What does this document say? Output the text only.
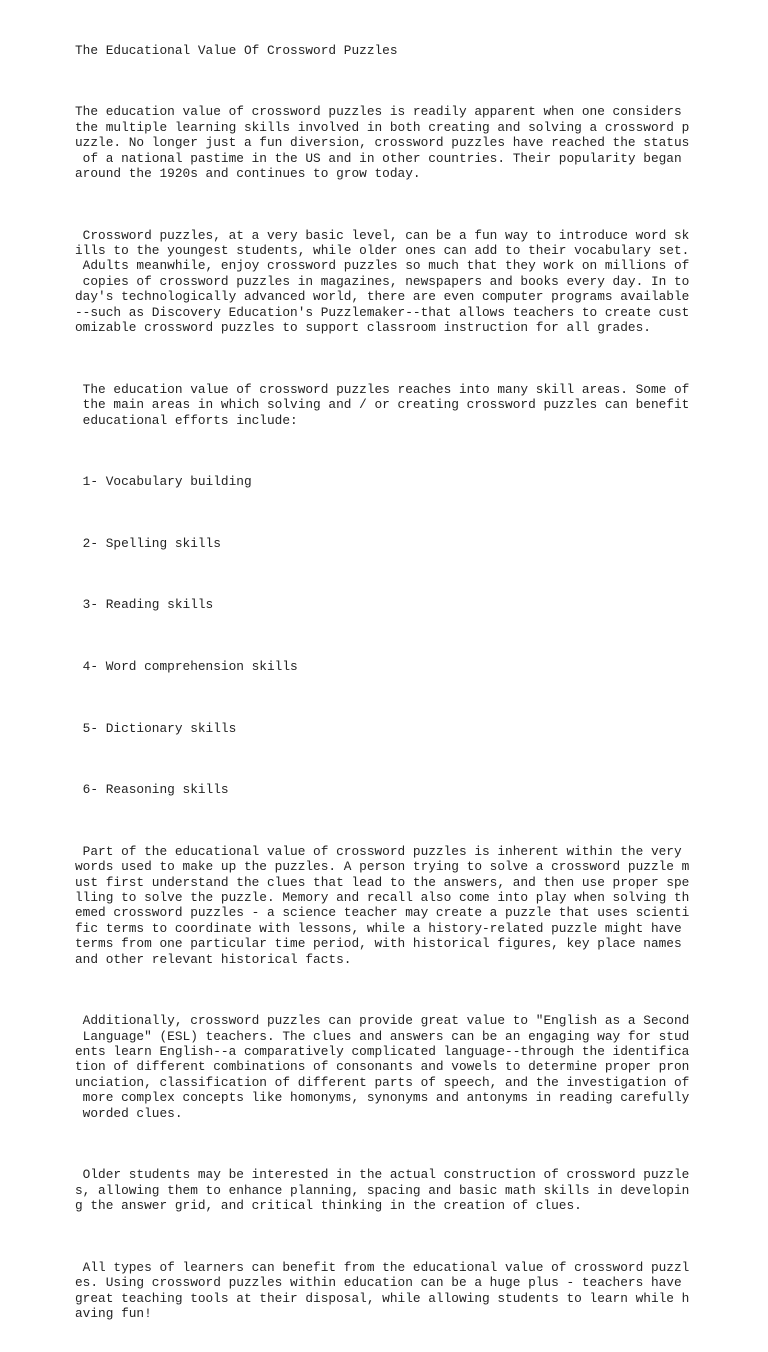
The Educational Value Of Crossword Puzzles

The education value of crossword puzzles is readily apparent when one considers
the multiple learning skills involved in both creating and solving a crossword p
uzzle. No longer just a fun diversion, crossword puzzles have reached the status
of a national pastime in the US and in other countries. Their popularity began
around the 1920s and continues to grow today.

Crossword puzzles, at a very basic level, can be a fun way to introduce word sk
ills to the youngest students, while older ones can add to their vocabulary set.
Adults meanwhile, enjoy crossword puzzles so much that they work on millions of
copies of crossword puzzles in magazines, newspapers and books every day. In to
day's technologically advanced world, there are even computer programs available
--such as Discovery Education's Puzzlemaker--that allows teachers to create cust
omizable crossword puzzles to support classroom instruction for all grades.

The education value of crossword puzzles reaches into many skill areas. Some of
the main areas in which solving and / or creating crossword puzzles can benefit
educational efforts include:

1- Vocabulary building

2- Spelling skills

3- Reading skills

4- Word comprehension skills

5- Dictionary skills

6- Reasoning skills

Part of the educational value of crossword puzzles is inherent within the very
words used to make up the puzzles. A person trying to solve a crossword puzzle m
ust first understand the clues that lead to the answers, and then use proper spe
lling to solve the puzzle. Memory and recall also come into play when solving th
emed crossword puzzles - a science teacher may create a puzzle that uses scienti
fic terms to coordinate with lessons, while a history-related puzzle might have
terms from one particular time period, with historical figures, key place names
and other relevant historical facts.

Additionally, crossword puzzles can provide great value to "English as a Second
Language" (ESL) teachers. The clues and answers can be an engaging way for stud
ents learn English--a comparatively complicated language--through the identifica
tion of different combinations of consonants and vowels to determine proper pron
unciation, classification of different parts of speech, and the investigation of
more complex concepts like homonyms, synonyms and antonyms in reading carefully
worded clues.

Older students may be interested in the actual construction of crossword puzzle
s, allowing them to enhance planning, spacing and basic math skills in developin
g the answer grid, and critical thinking in the creation of clues.

All types of learners can benefit from the educational value of crossword puzzl
es. Using crossword puzzles within education can be a huge plus - teachers have
great teaching tools at their disposal, while allowing students to learn while h
aving fun!
